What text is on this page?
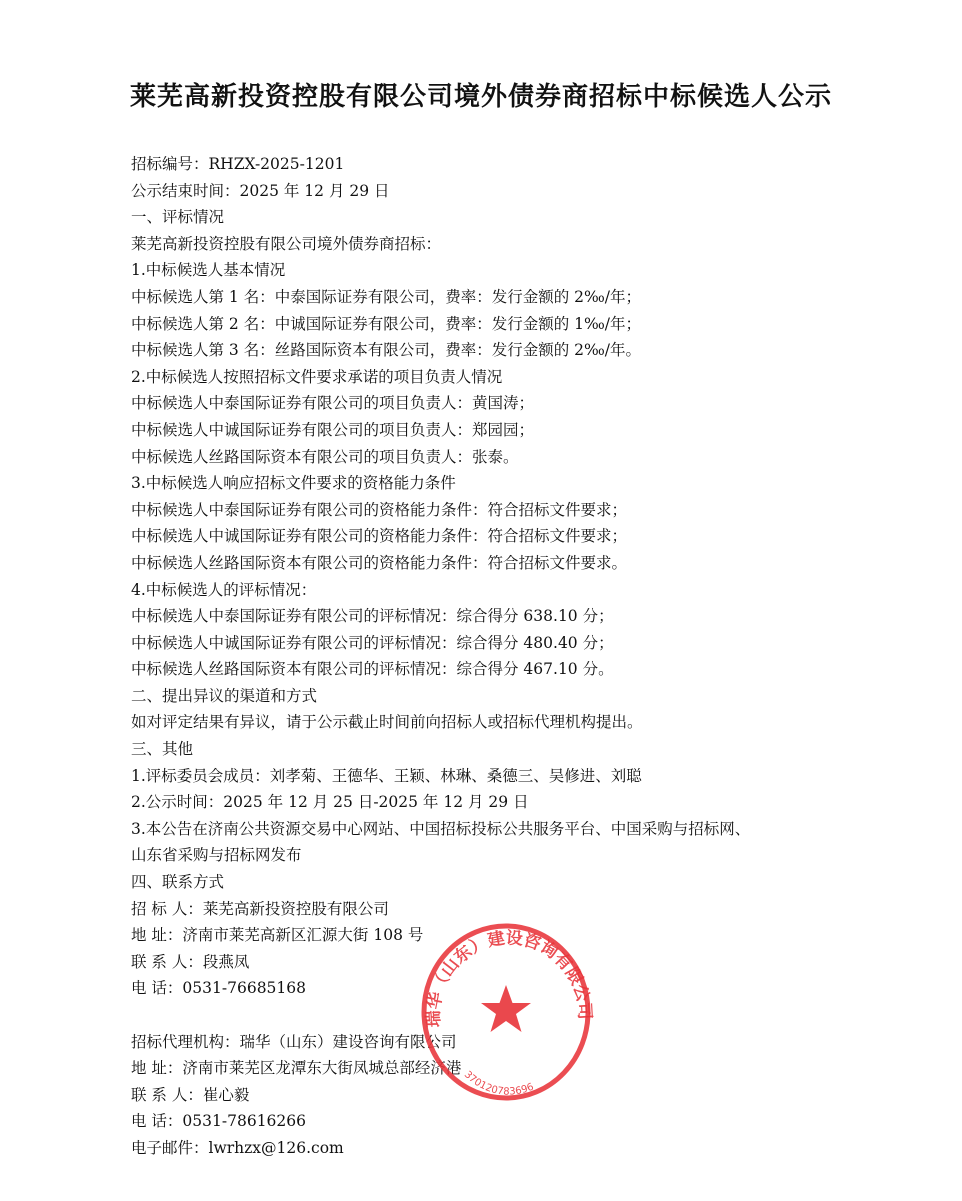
莱芜高新投资控股有限公司境外债券商招标中标候选人公示
招标编号：RHZX-2025-1201
公示结束时间：2025 年 12 月 29 日
一、评标情况
莱芜高新投资控股有限公司境外债券商招标：
1.中标候选人基本情况
中标候选人第 1 名：中泰国际证券有限公司，费率：发行金额的 2‰/年；
中标候选人第 2 名：中诚国际证券有限公司，费率：发行金额的 1‰/年；
中标候选人第 3 名：丝路国际资本有限公司，费率：发行金额的 2‰/年。
2.中标候选人按照招标文件要求承诺的项目负责人情况
中标候选人中泰国际证券有限公司的项目负责人：黄国涛；
中标候选人中诚国际证券有限公司的项目负责人：郑园园；
中标候选人丝路国际资本有限公司的项目负责人：张泰。
3.中标候选人响应招标文件要求的资格能力条件
中标候选人中泰国际证券有限公司的资格能力条件：符合招标文件要求；
中标候选人中诚国际证券有限公司的资格能力条件：符合招标文件要求；
中标候选人丝路国际资本有限公司的资格能力条件：符合招标文件要求。
4.中标候选人的评标情况：
中标候选人中泰国际证券有限公司的评标情况：综合得分 638.10 分；
中标候选人中诚国际证券有限公司的评标情况：综合得分 480.40 分；
中标候选人丝路国际资本有限公司的评标情况：综合得分 467.10 分。
二、提出异议的渠道和方式
如对评定结果有异议，请于公示截止时间前向招标人或招标代理机构提出。
三、其他
1.评标委员会成员：刘孝菊、王德华、王颖、林琳、桑德三、吴修进、刘聪
2.公示时间：2025 年 12 月 25 日-2025 年 12 月 29 日
3.本公告在济南公共资源交易中心网站、中国招标投标公共服务平台、中国采购与招标网、
山东省采购与招标网发布
四、联系方式
招 标 人：莱芜高新投资控股有限公司
地 址：济南市莱芜高新区汇源大街 108 号
联 系 人：段燕凤
电 话：0531-76685168
招标代理机构：瑞华（山东）建设咨询有限公司
地 址：济南市莱芜区龙潭东大街凤城总部经济港
联 系 人：崔心毅
电 话：0531-78616266
电子邮件：lwrhzx@126.com
瑞华（山东）建设咨询有限公司
370120783696
